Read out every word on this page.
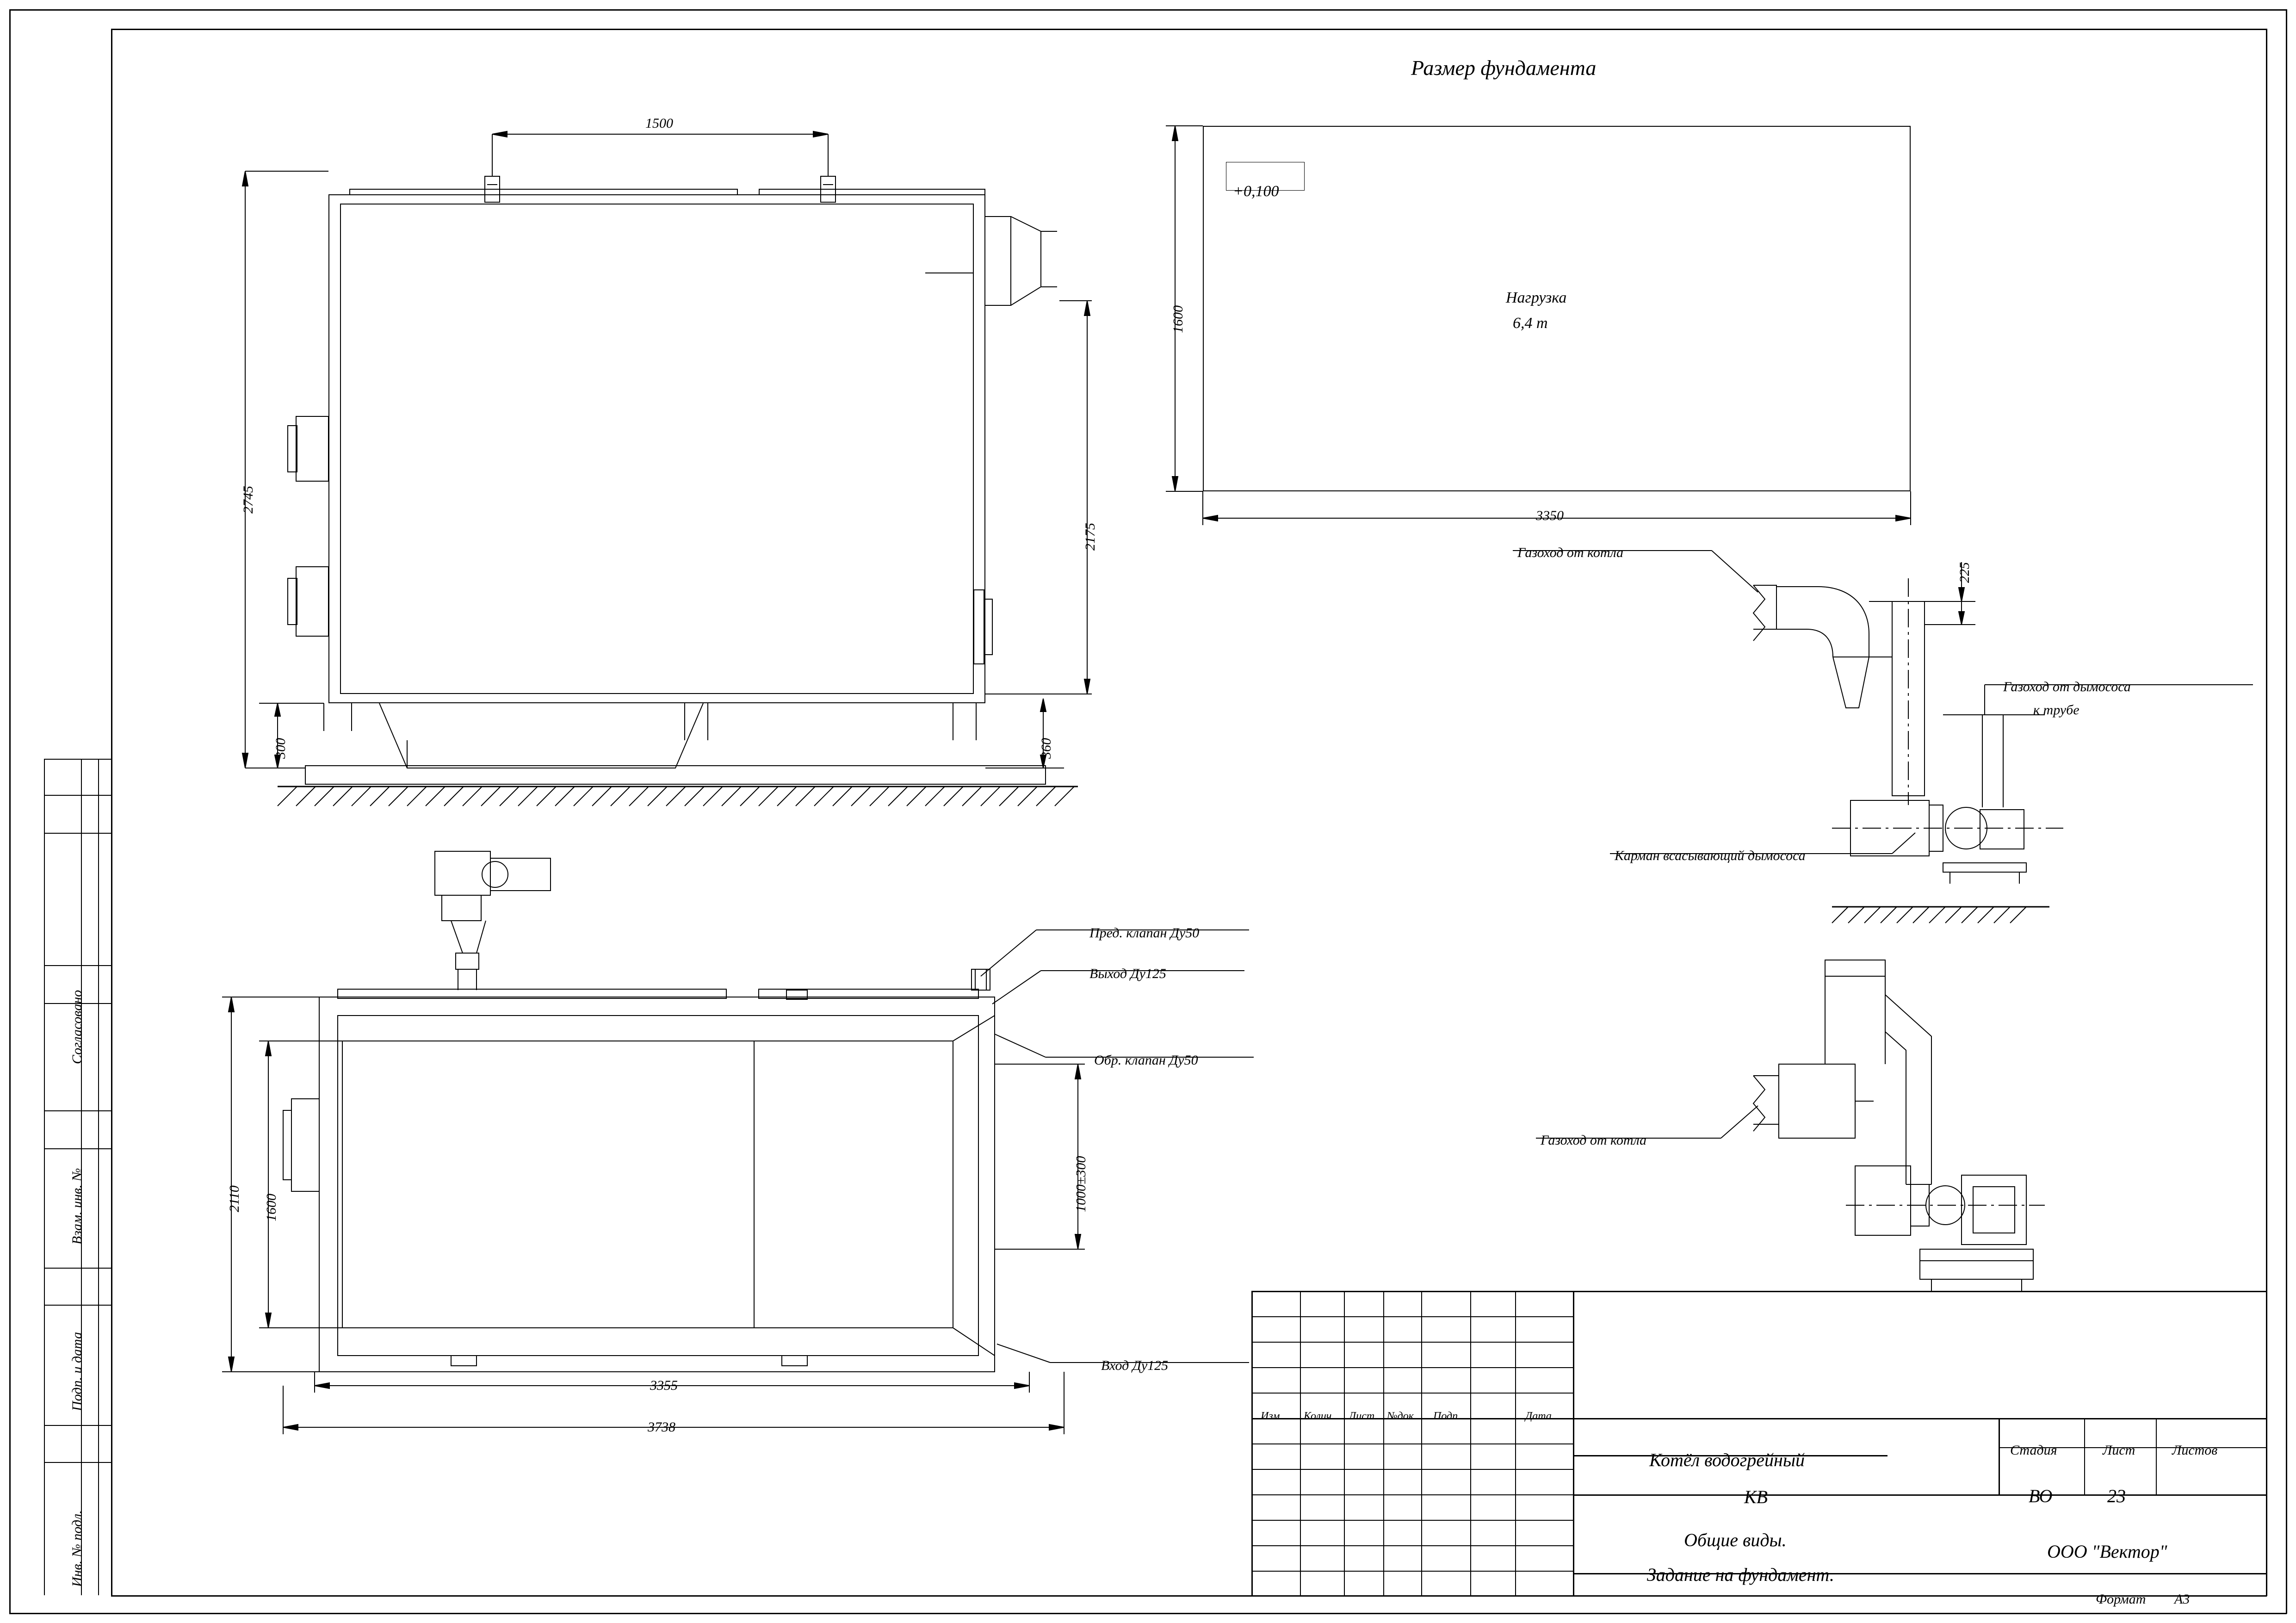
Согласовано
Взам. инв. №
Подп. и дата
Инв. № подл.
1500
2745
2175
300	360
Размер фундамента
+0,100
Нагрузка
6,4 т
3350
1600
Газоход от котла
225
Газоход от дымососа
к трубе
Карман всасывающий дымососа
Газоход от котла
2110 1600	1000±300
3355
3738
Пред. клапан Ду50
Выход Ду125
Обр. клапан Ду50
Вход Ду125
Изм. Колич. Лист №док. Подп.	Дата
Котёл водогрейный
КВ
Общие виды.
Задание на фундамент.
Стадия	Лист	Листов
ВО	23
ООО "Вектор"
Формат А3
